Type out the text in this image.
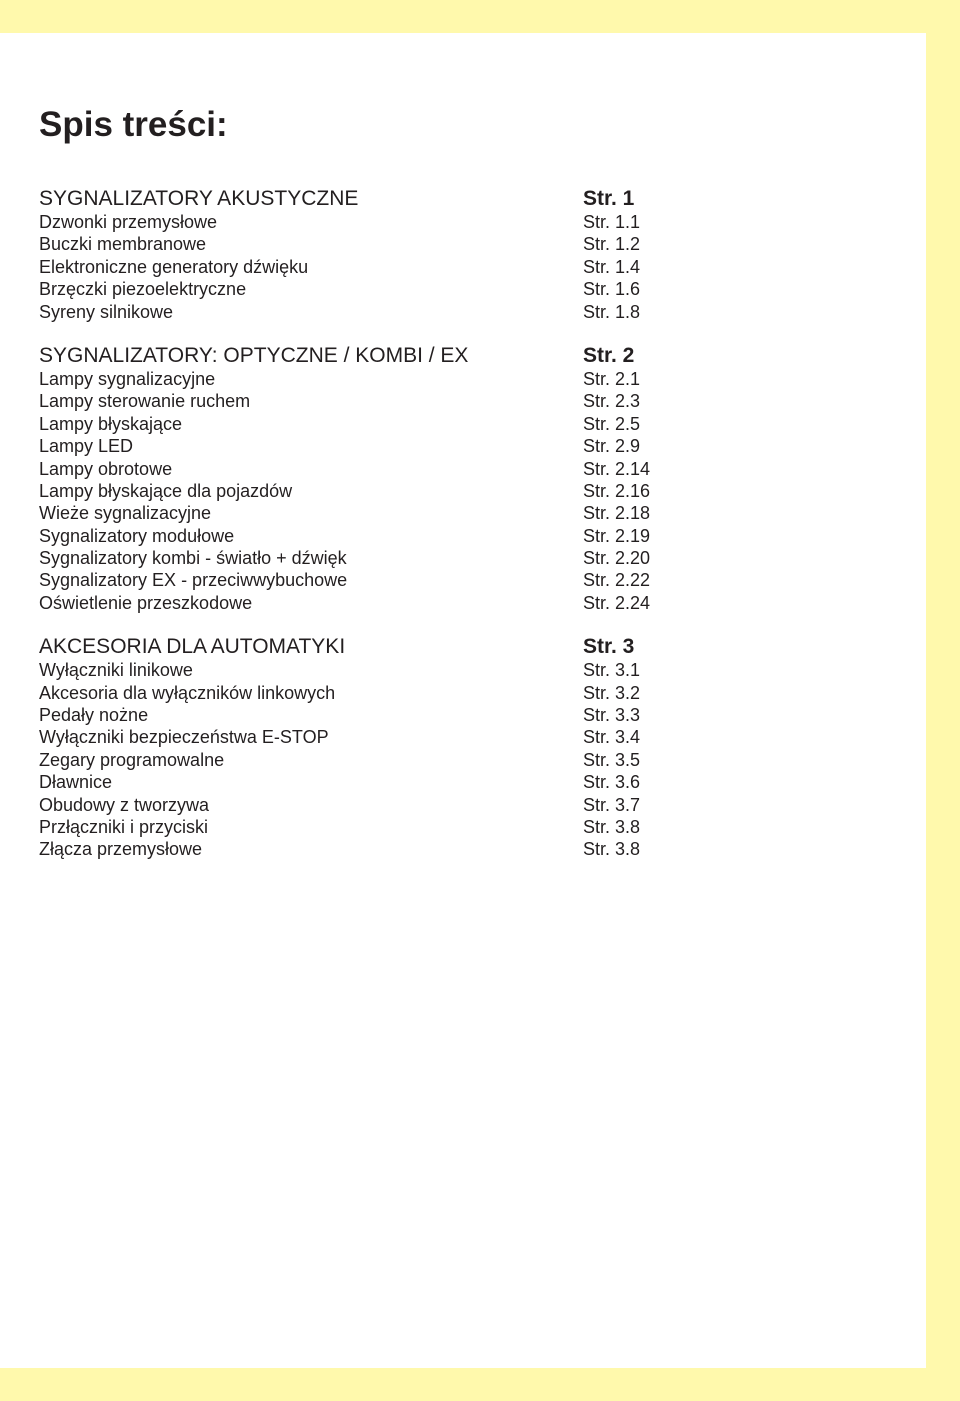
Spis treści:
SYGNALIZATORY AKUSTYCZNE	Str. 1
Dzwonki przemysłowe	Str. 1.1
Buczki membranowe	Str. 1.2
Elektroniczne generatory dźwięku	Str. 1.4
Brzęczki piezoelektryczne	Str. 1.6
Syreny silnikowe	Str. 1.8
SYGNALIZATORY: OPTYCZNE / KOMBI / EX	Str. 2
Lampy sygnalizacyjne	Str. 2.1
Lampy sterowanie ruchem	Str. 2.3
Lampy błyskające	Str. 2.5
Lampy LED	Str. 2.9
Lampy obrotowe	Str. 2.14
Lampy błyskające dla pojazdów	Str. 2.16
Wieże sygnalizacyjne	Str. 2.18
Sygnalizatory modułowe	Str. 2.19
Sygnalizatory kombi - światło + dźwięk	Str. 2.20
Sygnalizatory EX - przeciwwybuchowe	Str. 2.22
Oświetlenie przeszkodowe	Str. 2.24
AKCESORIA DLA AUTOMATYKI	Str. 3
Wyłączniki linikowe	Str. 3.1
Akcesoria dla wyłączników linkowych	Str. 3.2
Pedały nożne	Str. 3.3
Wyłączniki bezpieczeństwa E-STOP	Str. 3.4
Zegary programowalne	Str. 3.5
Dławnice	Str. 3.6
Obudowy z tworzywa	Str. 3.7
Przłączniki i przyciski	Str. 3.8
Złącza przemysłowe	Str. 3.8
